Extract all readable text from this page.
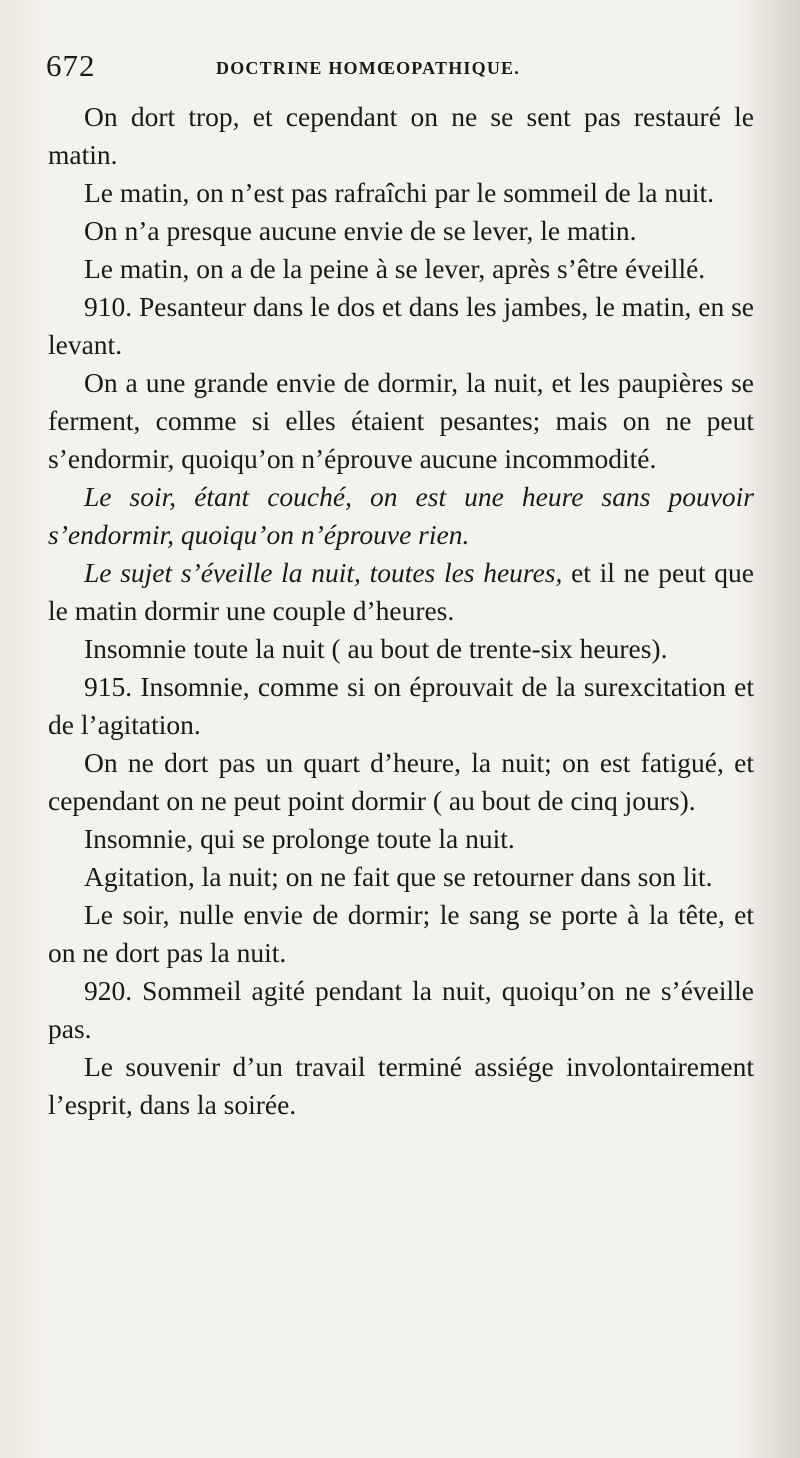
672	DOCTRINE HOMŒOPATHIQUE.

On dort trop, et cependant on ne se sent pas restauré le matin.

Le matin, on n’est pas rafraîchi par le sommeil de la nuit.

On n’a presque aucune envie de se lever, le matin.

Le matin, on a de la peine à se lever, après s’être éveillé.

910. Pesanteur dans le dos et dans les jambes, le matin, en se levant.

On a une grande envie de dormir, la nuit, et les paupières se ferment, comme si elles étaient pesantes; mais on ne peut s’endormir, quoiqu’on n’éprouve aucune incommodité.

Le soir, étant couché, on est une heure sans pouvoir s’endormir, quoiqu’on n’éprouve rien.

Le sujet s’éveille la nuit, toutes les heures, et il ne peut que le matin dormir une couple d’heures.

Insomnie toute la nuit ( au bout de trente-six heures).

915. Insomnie, comme si on éprouvait de la surexcitation et de l’agitation.

On ne dort pas un quart d’heure, la nuit; on est fatigué, et cependant on ne peut point dormir ( au bout de cinq jours).

Insomnie, qui se prolonge toute la nuit.

Agitation, la nuit; on ne fait que se retourner dans son lit.

Le soir, nulle envie de dormir; le sang se porte à la tête, et on ne dort pas la nuit.

920. Sommeil agité pendant la nuit, quoiqu’on ne s’éveille pas.

Le souvenir d’un travail terminé assiége involontairement l’esprit, dans la soirée.
